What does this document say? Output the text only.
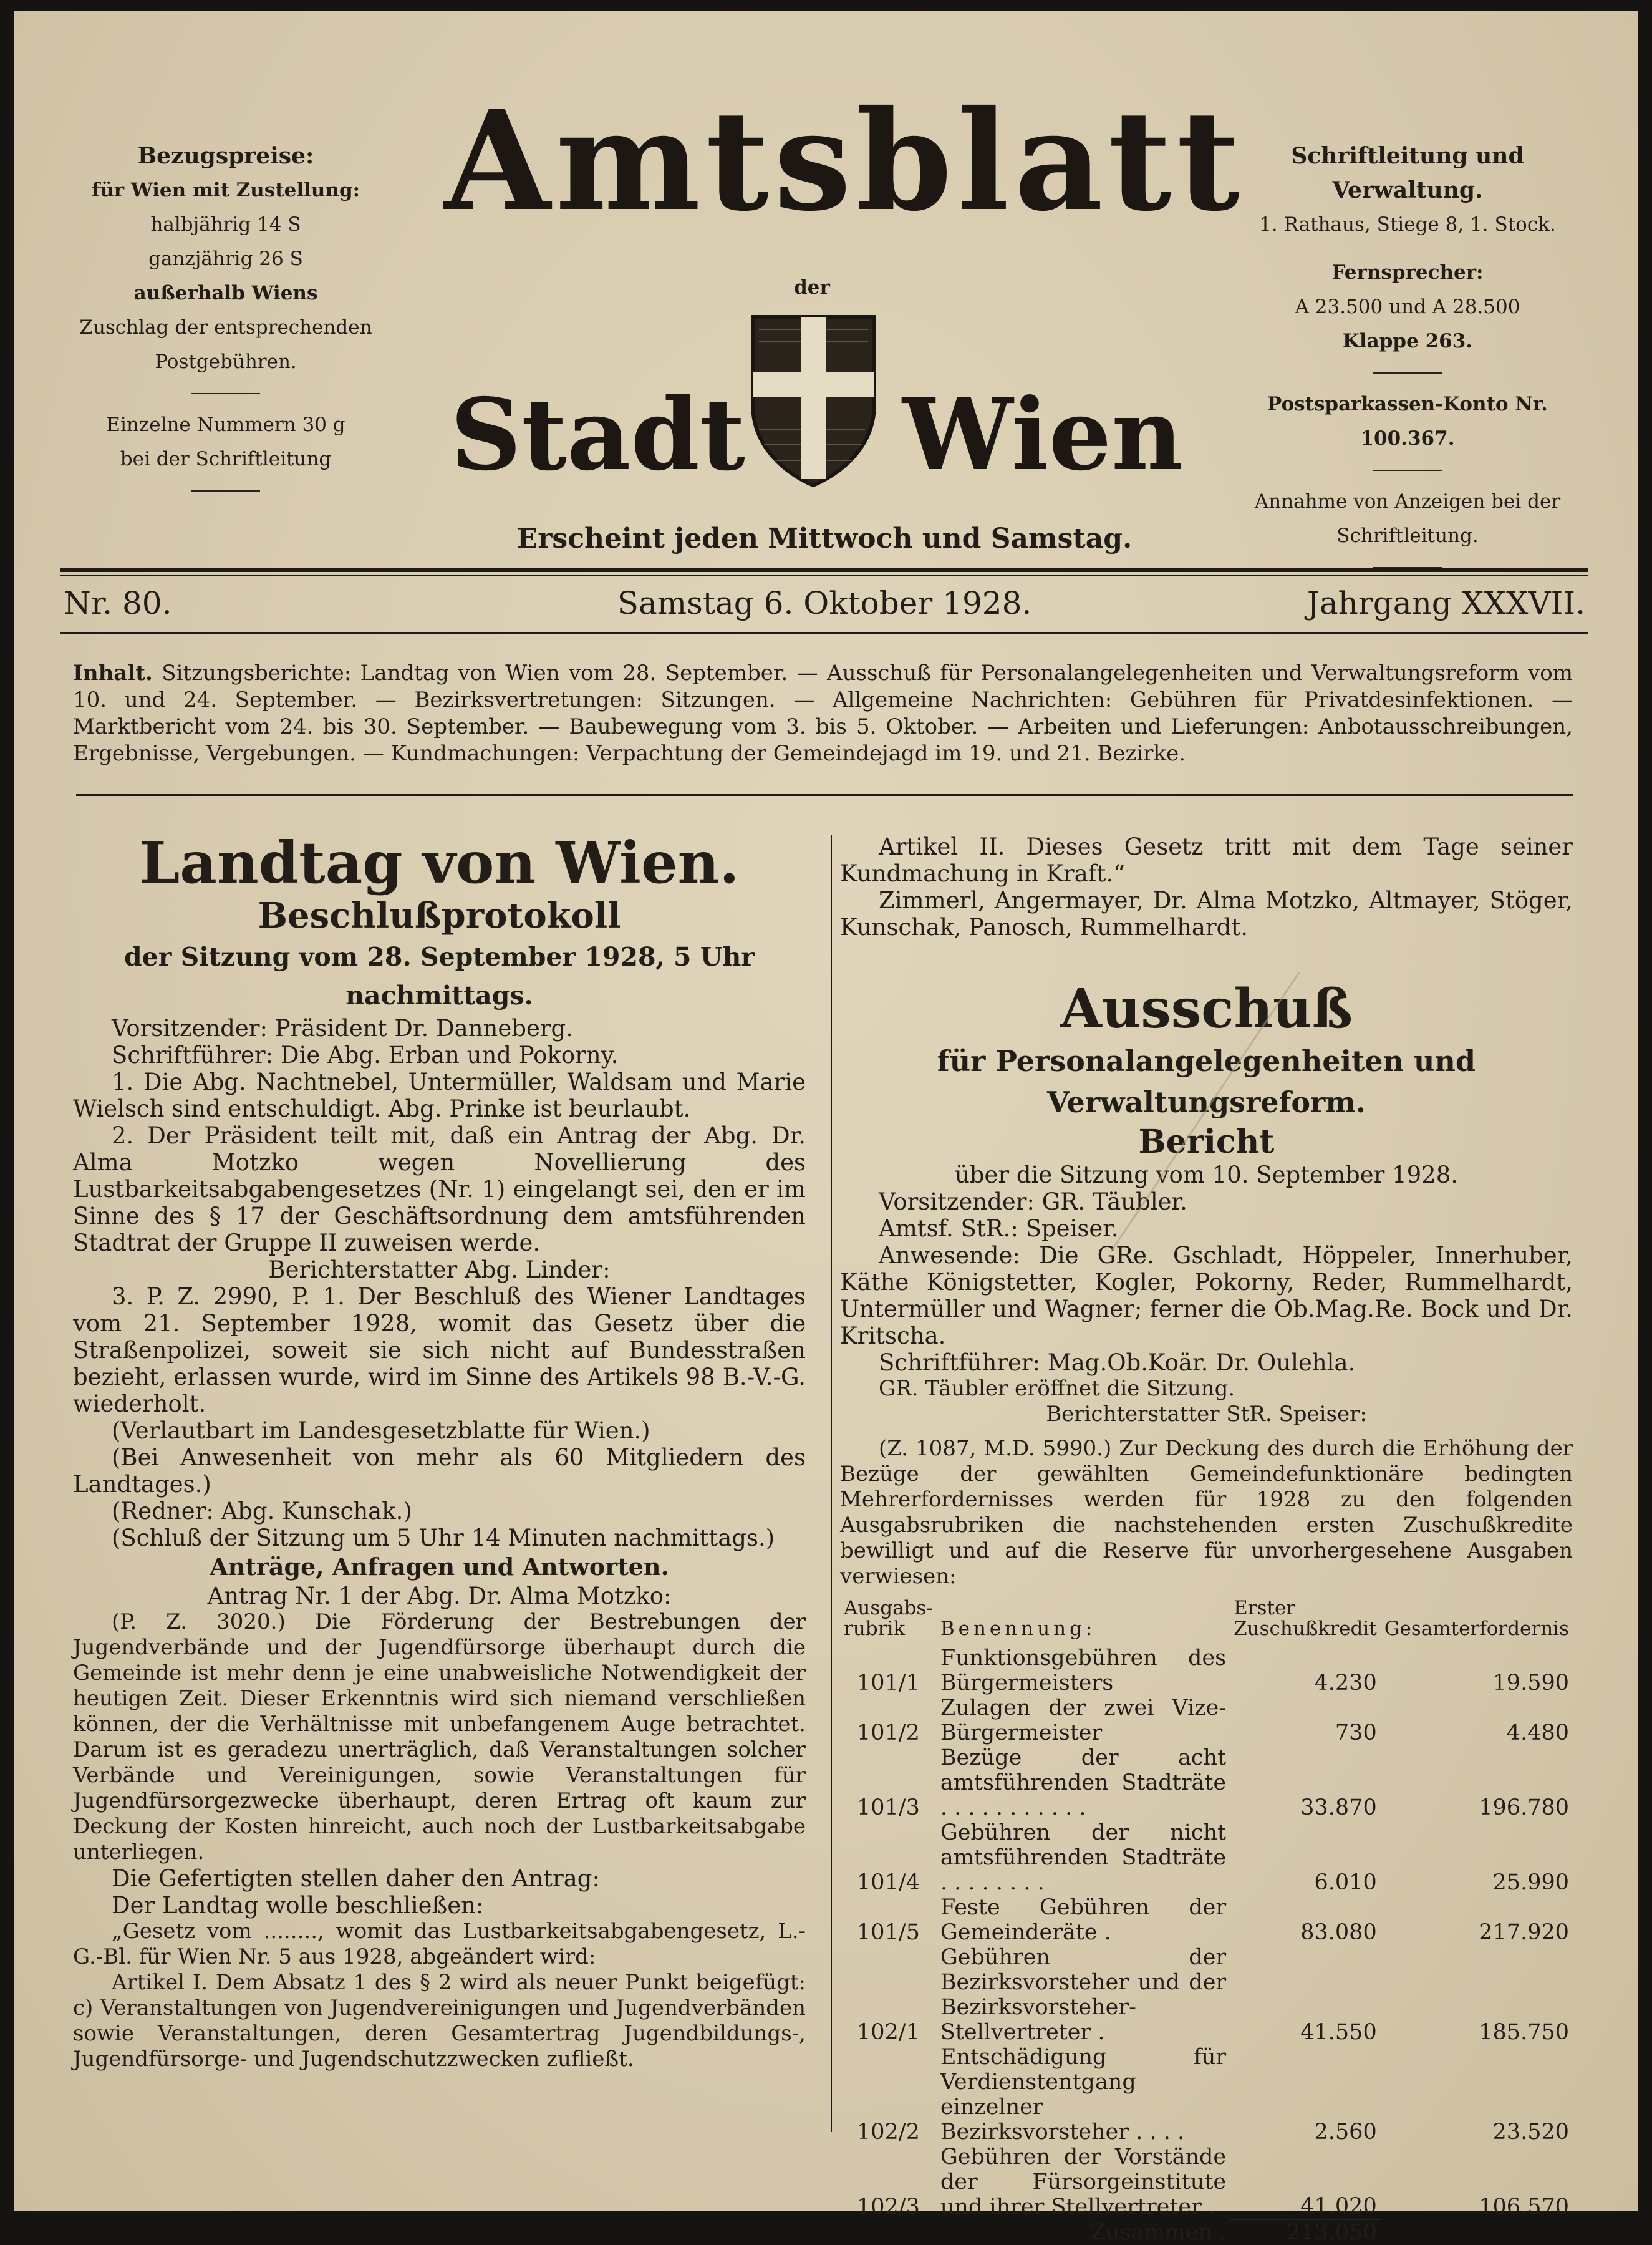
Bezugspreise:
für Wien mit Zustellung:
halbjährig 14 S
ganzjährig 26 S
außerhalb Wiens
Zuschlag der entsprechenden
Postgebühren.
Einzelne Nummern 30 g
bei der Schriftleitung
Amtsblatt
der
Stadt Wien
Erscheint jeden Mittwoch und Samstag.
Schriftleitung und Verwaltung.
1. Rathaus, Stiege 8, 1. Stock.
Fernsprecher:
A 23.500 und A 28.500
Klappe 263.
Postsparkassen-Konto Nr. 100.367.
Annahme von Anzeigen bei der
Schriftleitung.
Nr. 80.	Samstag 6. Oktober 1928.	Jahrgang XXXVII.
Inhalt. Sitzungsberichte: Landtag von Wien vom 28. September. — Ausschuß für Personalangelegenheiten und Verwaltungsreform vom 10. und 24. September. — Bezirksvertretungen: Sitzungen. — Allgemeine Nachrichten: Gebühren für Privatdesinfektionen. — Marktbericht vom 24. bis 30. September. — Baubewegung vom 3. bis 5. Oktober. — Arbeiten und Lieferungen: Anbotausschreibungen, Ergebnisse, Vergebungen. — Kundmachungen: Verpachtung der Gemeindejagd im 19. und 21. Bezirke.

Landtag von Wien.

Beschlußprotokoll

der Sitzung vom 28. September 1928, 5 Uhr nachmittags.

Vorsitzender: Präsident Dr. Danneberg.

Schriftführer: Die Abg. Erban und Pokorny.

1. Die Abg. Nachtnebel, Untermüller, Waldsam und Marie Wielsch sind entschuldigt. Abg. Prinke ist beurlaubt.

2. Der Präsident teilt mit, daß ein Antrag der Abg. Dr. Alma Motzko wegen Novellierung des Lustbarkeitsabgabengesetzes (Nr. 1) eingelangt sei, den er im Sinne des § 17 der Geschäftsordnung dem amtsführenden Stadtrat der Gruppe II zuweisen werde.

Berichterstatter Abg. Linder:

3. P. Z. 2990, P. 1. Der Beschluß des Wiener Landtages vom 21. September 1928, womit das Gesetz über die Straßenpolizei, soweit sie sich nicht auf Bundesstraßen bezieht, erlassen wurde, wird im Sinne des Artikels 98 B.-V.-G. wiederholt.

(Verlautbart im Landesgesetzblatte für Wien.)

(Bei Anwesenheit von mehr als 60 Mitgliedern des Landtages.)

(Redner: Abg. Kunschak.)

(Schluß der Sitzung um 5 Uhr 14 Minuten nachmittags.)

Anträge, Anfragen und Antworten.

Antrag Nr. 1 der Abg. Dr. Alma Motzko:

(P. Z. 3020.) Die Förderung der Bestrebungen der Jugendverbände und der Jugendfürsorge überhaupt durch die Gemeinde ist mehr denn je eine unabweisliche Notwendigkeit der heutigen Zeit. Dieser Erkenntnis wird sich niemand verschließen können, der die Verhältnisse mit unbefangenem Auge betrachtet. Darum ist es geradezu unerträglich, daß Veranstaltungen solcher Verbände und Vereinigungen, sowie Veranstaltungen für Jugendfürsorgezwecke überhaupt, deren Ertrag oft kaum zur Deckung der Kosten hinreicht, auch noch der Lustbarkeitsabgabe unterliegen.

Die Gefertigten stellen daher den Antrag:

Der Landtag wolle beschließen:

„Gesetz vom ........, womit das Lustbarkeitsabgabengesetz, L.-G.-Bl. für Wien Nr. 5 aus 1928, abgeändert wird:

Artikel I. Dem Absatz 1 des § 2 wird als neuer Punkt beigefügt: c) Veranstaltungen von Jugendvereinigungen und Jugendverbänden sowie Veranstaltungen, deren Gesamtertrag Jugendbildungs-, Jugendfürsorge- und Jugendschutzzwecken zufließt.

Artikel II. Dieses Gesetz tritt mit dem Tage seiner Kundmachung in Kraft.“

Zimmerl, Angermayer, Dr. Alma Motzko, Altmayer, Stöger, Kunschak, Panosch, Rummelhardt.

Ausschuß

für Personalangelegenheiten und Verwaltungsreform.

Bericht

über die Sitzung vom 10. September 1928.

Vorsitzender: GR. Täubler.

Amtsf. StR.: Speiser.

Anwesende: Die GRe. Gschladt, Höppeler, Innerhuber, Käthe Königstetter, Kogler, Pokorny, Reder, Rummelhardt, Untermüller und Wagner; ferner die Ob.Mag.Re. Bock und Dr. Kritscha.

Schriftführer: Mag.Ob.Koär. Dr. Oulehla.

GR. Täubler eröffnet die Sitzung.

Berichterstatter StR. Speiser:

(Z. 1087, M.D. 5990.) Zur Deckung des durch die Erhöhung der Bezüge der gewählten Gemeindefunktionäre bedingten Mehrerfordernisses werden für 1928 zu den folgenden Ausgabsrubriken die nachstehenden ersten Zuschußkredite bewilligt und auf die Reserve für unvorhergesehene Ausgaben verwiesen:

Ausgabs-rubrik	Benennung:	Erster Zuschußkredit	Gesamterfordernis
101/1	Funktionsgebühren des Bürgermeisters	4.230	19.590
101/2	Zulagen der zwei Vize-Bürgermeister	730	4.480
101/3	Bezüge der acht amtsführenden Stadträte . . . . . . . . . . .	33.870	196.780
101/4	Gebühren der nicht amtsführenden Stadträte . . . . . . . .	6.010	25.990
101/5	Feste Gebühren der Gemeinderäte .	83.080	217.920
102/1	Gebühren der Bezirksvorsteher und der Bezirksvorsteher-Stellvertreter .	41.550	185.750
102/2	Entschädigung für Verdienstentgang einzelner Bezirksvorsteher . . . .	2.560	23.520
102/3	Gebühren der Vorstände der Fürsorgeinstitute und ihrer Stellvertreter .	41.020	106.570
	Zusammen .	213.050	
